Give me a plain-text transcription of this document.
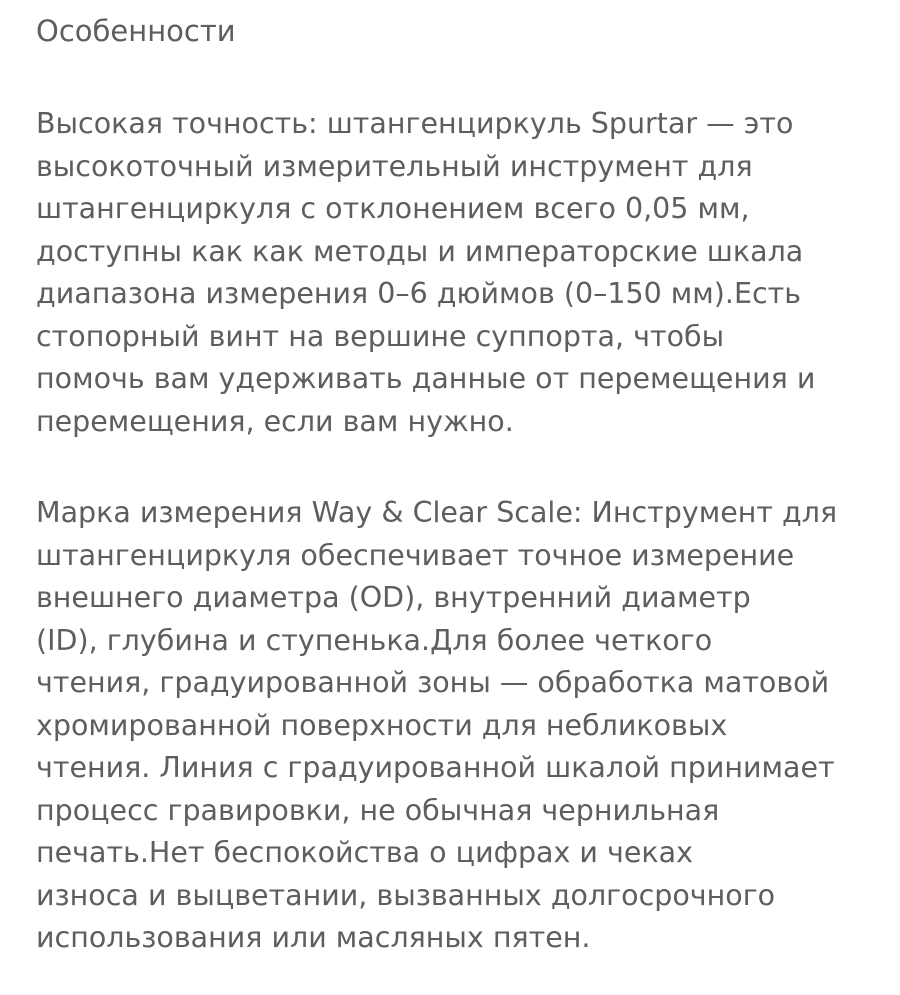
Особенности
Высокая точность: штангенциркуль Spurtar — это
высокоточный измерительный инструмент для
штангенциркуля с отклонением всего 0,05 мм,
доступны как как методы и императорские шкала
диапазона измерения 0–6 дюймов (0–150 мм).Есть
стопорный винт на вершине суппорта, чтобы
помочь вам удерживать данные от перемещения и
перемещения, если вам нужно.
Марка измерения Way & Clear Scale: Инструмент для
штангенциркуля обеспечивает точное измерение
внешнего диаметра (OD), внутренний диаметр
(ID), глубина и ступенька.Для более четкого
чтения, градуированной зоны — обработка матовой
хромированной поверхности для небликовых
чтения. Линия с градуированной шкалой принимает
процесс гравировки, не обычная чернильная
печать.Нет беспокойства о цифрах и чеках
износа и выцветании, вызванных долгосрочного
использования или масляных пятен.
